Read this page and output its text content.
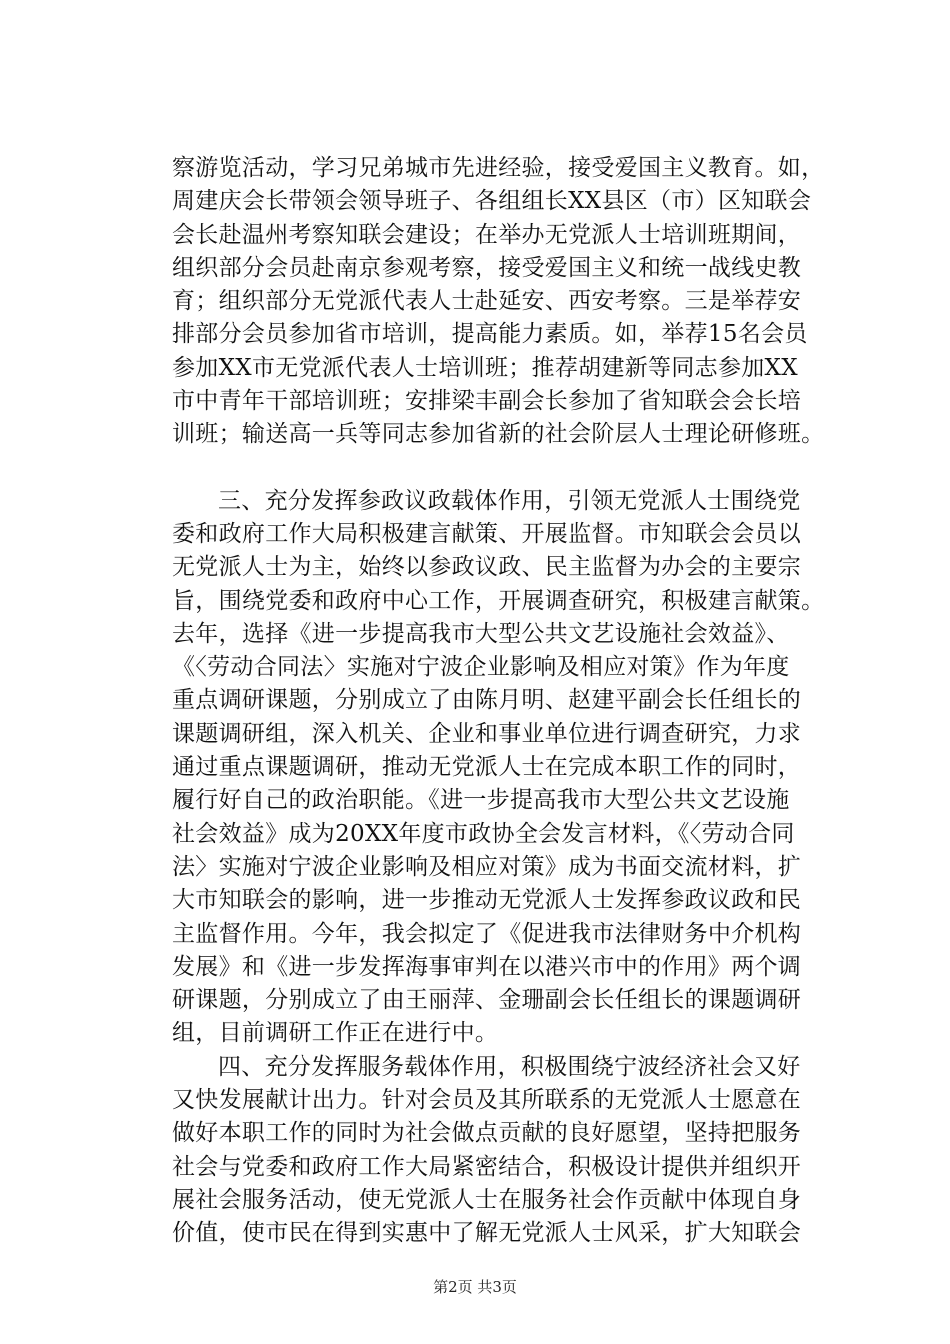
察游览活动，学习兄弟城市先进经验，接受爱国主义教育。如，
周建庆会长带领会领导班子、各组组长XX县区（市）区知联会
会长赴温州考察知联会建设；在举办无党派人士培训班期间，
组织部分会员赴南京参观考察，接受爱国主义和统一战线史教
育；组织部分无党派代表人士赴延安、西安考察。三是举荐安
排部分会员参加省市培训，提高能力素质。如，举荐15名会员
参加XX市无党派代表人士培训班；推荐胡建新等同志参加XX
市中青年干部培训班；安排梁丰副会长参加了省知联会会长培
训班；输送高一兵等同志参加省新的社会阶层人士理论研修班。
三、充分发挥参政议政载体作用，引领无党派人士围绕党
委和政府工作大局积极建言献策、开展监督。市知联会会员以
无党派人士为主，始终以参政议政、民主监督为办会的主要宗
旨，围绕党委和政府中心工作，开展调查研究，积极建言献策。
去年，选择《进一步提高我市大型公共文艺设施社会效益》、
《〈劳动合同法〉实施对宁波企业影响及相应对策》作为年度
重点调研课题，分别成立了由陈月明、赵建平副会长任组长的
课题调研组，深入机关、企业和事业单位进行调查研究，力求
通过重点课题调研，推动无党派人士在完成本职工作的同时，
履行好自己的政治职能。《进一步提高我市大型公共文艺设施
社会效益》成为20XX年度市政协全会发言材料，《〈劳动合同
法〉实施对宁波企业影响及相应对策》成为书面交流材料，扩
大市知联会的影响，进一步推动无党派人士发挥参政议政和民
主监督作用。今年，我会拟定了《促进我市法律财务中介机构
发展》和《进一步发挥海事审判在以港兴市中的作用》两个调
研课题，分别成立了由王丽萍、金珊副会长任组长的课题调研
组，目前调研工作正在进行中。
四、充分发挥服务载体作用，积极围绕宁波经济社会又好
又快发展献计出力。针对会员及其所联系的无党派人士愿意在
做好本职工作的同时为社会做点贡献的良好愿望，坚持把服务
社会与党委和政府工作大局紧密结合，积极设计提供并组织开
展社会服务活动，使无党派人士在服务社会作贡献中体现自身
价值，使市民在得到实惠中了解无党派人士风采，扩大知联会
第2页 共3页
